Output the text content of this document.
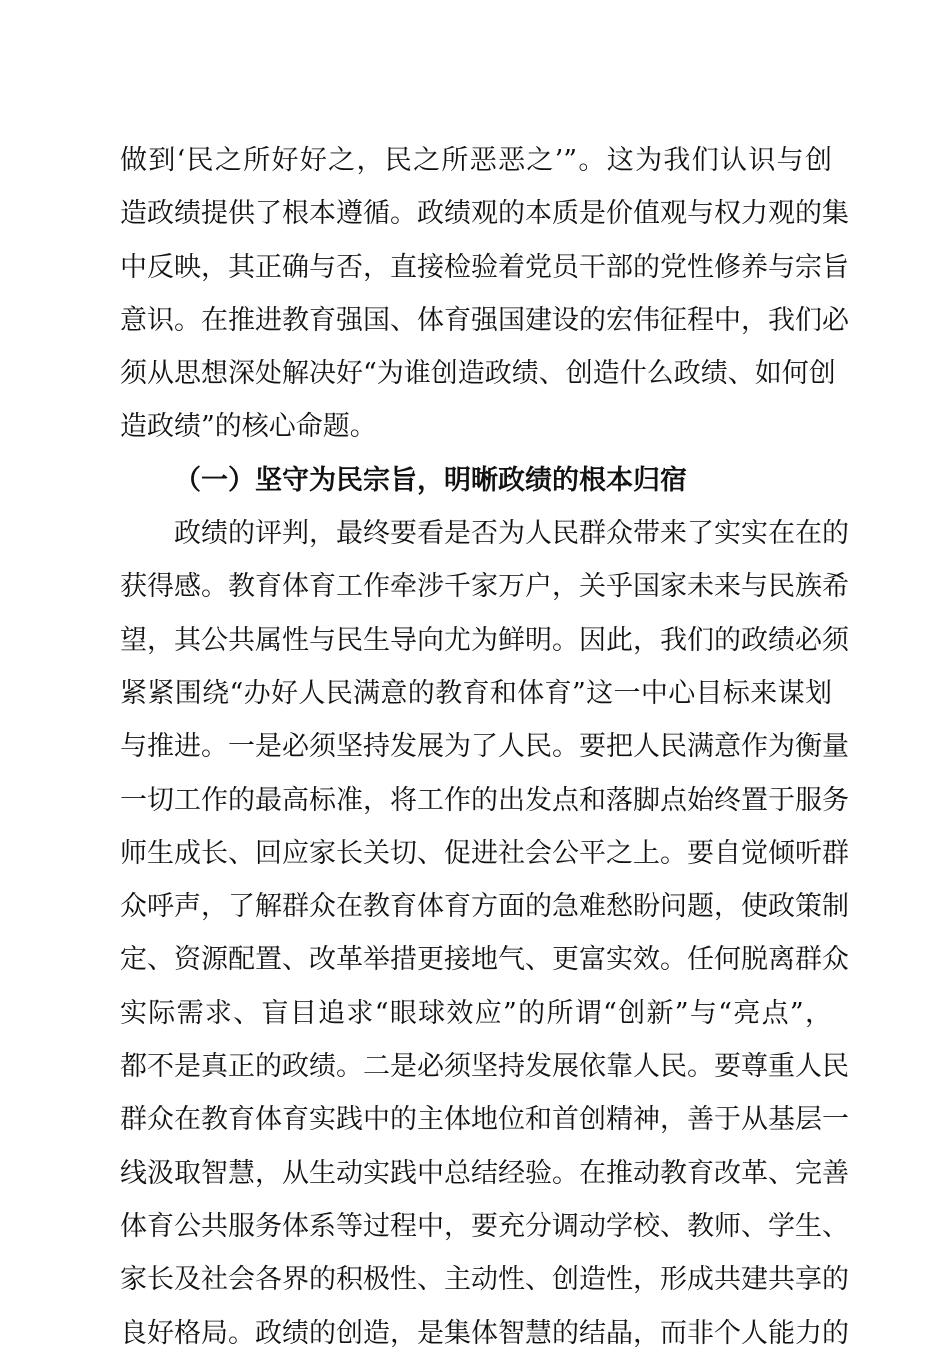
做到‘民之所好好之，民之所恶恶之’”。这为我们认识与创
造政绩提供了根本遵循。政绩观的本质是价值观与权力观的集
中反映，其正确与否，直接检验着党员干部的党性修养与宗旨
意识。在推进教育强国、体育强国建设的宏伟征程中，我们必
须从思想深处解决好“为谁创造政绩、创造什么政绩、如何创
造政绩”的核心命题。
（一）坚守为民宗旨，明晰政绩的根本归宿
政绩的评判，最终要看是否为人民群众带来了实实在在的
获得感。教育体育工作牵涉千家万户，关乎国家未来与民族希
望，其公共属性与民生导向尤为鲜明。因此，我们的政绩必须
紧紧围绕“办好人民满意的教育和体育”这一中心目标来谋划
与推进。一是必须坚持发展为了人民。要把人民满意作为衡量
一切工作的最高标准，将工作的出发点和落脚点始终置于服务
师生成长、回应家长关切、促进社会公平之上。要自觉倾听群
众呼声，了解群众在教育体育方面的急难愁盼问题，使政策制
定、资源配置、改革举措更接地气、更富实效。任何脱离群众
实际需求、盲目追求“眼球效应”的所谓“创新”与“亮点”，
都不是真正的政绩。二是必须坚持发展依靠人民。要尊重人民
群众在教育体育实践中的主体地位和首创精神，善于从基层一
线汲取智慧，从生动实践中总结经验。在推动教育改革、完善
体育公共服务体系等过程中，要充分调动学校、教师、学生、
家长及社会各界的积极性、主动性、创造性，形成共建共享的
良好格局。政绩的创造，是集体智慧的结晶，而非个人能力的
